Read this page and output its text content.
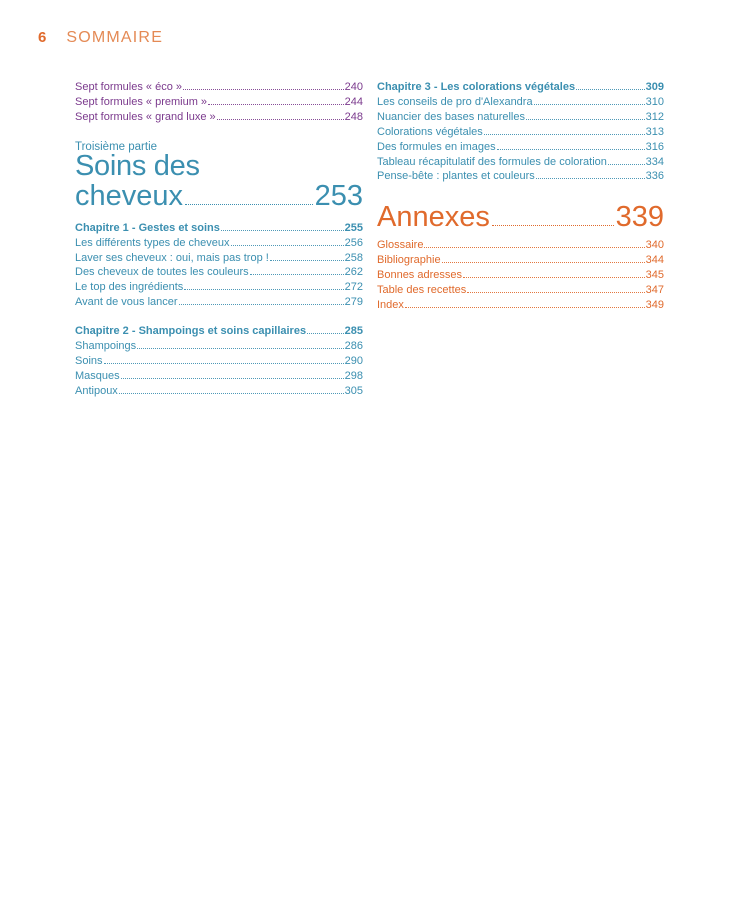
6 SOMMAIRE
Sept formules « éco »	240
Sept formules « premium »	244
Sept formules « grand luxe »	248
Troisième partie
Soins des
cheveux	253
Chapitre 1 - Gestes et soins	255
Les différents types de cheveux	256
Laver ses cheveux : oui, mais pas trop !	258
Des cheveux de toutes les couleurs	262
Le top des ingrédients	272
Avant de vous lancer	279
Chapitre 2 - Shampoings et soins capillaires	285
Shampoings	286
Soins	290
Masques	298
Antipoux	305
Chapitre 3 - Les colorations végétales	309
Les conseils de pro d'Alexandra	310
Nuancier des bases naturelles	312
Colorations végétales	313
Des formules en images	316
Tableau récapitulatif des formules de coloration	334
Pense-bête : plantes et couleurs	336
Annexes	339
Glossaire	340
Bibliographie	344
Bonnes adresses	345
Table des recettes	347
Index	349
